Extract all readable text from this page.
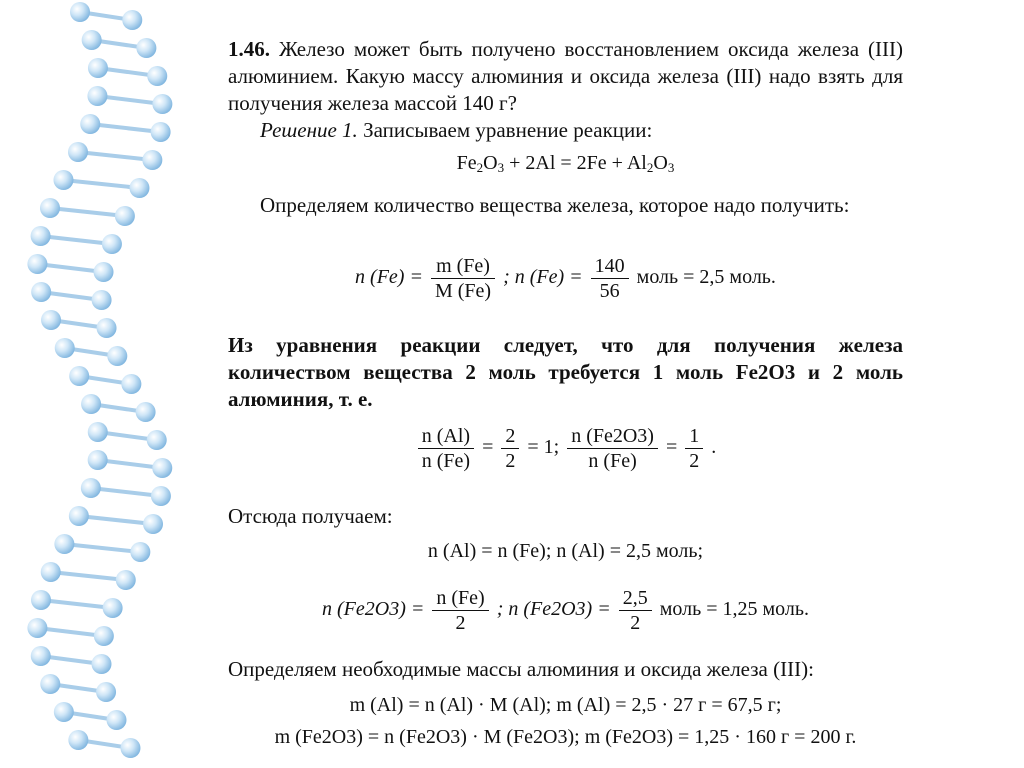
1.46. Железо может быть получено восстановлением оксида железа (III) алюминием. Какую массу алюминия и оксида железа (III) надо взять для получения железа массой 140 г?
Решение 1. Записываем уравнение реакции:
$Fe_2O_3 + 2Al = 2Fe + Al_2O_3$
Определяем количество вещества железа, которое надо получить:
n $(Fe) = \frac{m (Fe)}{M (Fe)}$ ; n $(Fe) = \frac{140}{56}$ моль = 2,5 моль.
Из уравнения реакции следует, что для получения железа количеством вещества 2 моль требуется 1 моль Fe2O3 и 2 моль алюминия, т. е.
$\frac{n (Al)}{n (Fe)} = \frac{2}{2} = 1$; $\frac{n (Fe2O3)}{n (Fe)} = \frac{1}{2}$ .
Отсюда получаем:
n (Al) = n (Fe); n (Al) = 2,5 моль;
n $(Fe2O3) = \frac{n (Fe)}{2}$ ; n $(Fe2O3) = \frac{2,5}{2}$ моль = 1,25 моль.
Определяем необходимые массы алюминия и оксида железа (III):
m (Al) = n (Al) · M (Al); m (Al) = 2,5 · 27 г = 67,5 г;
m (Fe2O3) = n (Fe2O3) · M (Fe2O3); m (Fe2O3) = 1,25 · 160 г = 200 г.
